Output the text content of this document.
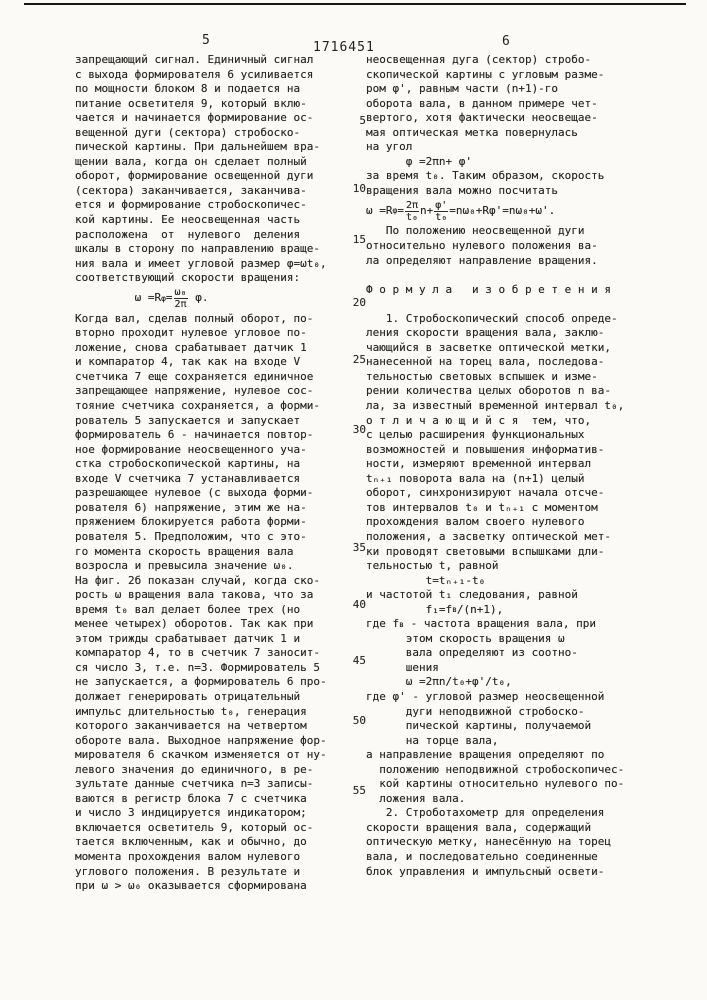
5	1716451	6
5
10
15
20
25
30
35
40
45
50
55
запрещающий сигнал. Единичный сигнал
с выхода формирователя 6 усиливается
по мощности блоком 8 и подается на
питание осветителя 9, который вклю-
чается и начинается формирование ос-
вещенной дуги (сектора) стробоско-
пической картины. При дальнейшем вра-
щении вала, когда он сделает полный
оборот, формирование освещенной дуги
(сектора) заканчивается, заканчива-
ется и формирование стробоскопичес-
кой картины. Ее неосвещенная часть
расположена  от  нулевого  деления
шкалы в сторону по направлению враще-
ния вала и имеет угловой размер φ=ωt₀,
соответствующий скорости вращения:
ω =R $\varphi = \frac{\text{ω₀}}{2\pi} \varphi$.
Когда вал, сделав полный оборот, по-
вторно проходит нулевое угловое по-
ложение, снова срабатывает датчик 1
и компаратор 4, так как на входе V
счетчика 7 еще сохраняется единичное
запрещающее напряжение, нулевое сос-
тояние счетчика сохраняется, а форми-
рователь 5 запускается и запускает
формирователь 6 - начинается повтор-
ное формирование неосвещенного уча-
стка стробоскопической картины, на
входе V счетчика 7 устанавливается
разрешающее нулевое (с выхода форми-
рователя 6) напряжение, этим же на-
пряжением блокируется работа форми-
рователя 5. Предположим, что с это-
го момента скорость вращения вала
возросла и превысила значение ω₀.
На фиг. 2б показан случай, когда ско-
рость ω вращения вала такова, что за
время t₀ вал делает более трех (но
менее четырех) оборотов. Так как при
этом трижды срабатывает датчик 1 и
компаратор 4, то в счетчик 7 заносит-
ся число 3, т.е. n=3. Формирователь 5
не запускается, а формирователь 6 про-
должает генерировать отрицательный
импульс длительностью t₀, генерация
которого заканчивается на четвертом
обороте вала. Выходное напряжение фор-
мирователя 6 скачком изменяется от ну-
левого значения до единичного, в ре-
зультате данные счетчика n=3 записы-
ваются в регистр блока 7 с счетчика
и число 3 индицируется индикатором;
включается осветитель 9, который ос-
тается включенным, как и обычно, до
момента прохождения валом нулевого
углового положения. В результате и
при ω > ω₀ оказывается сформирована
неосвещенная дуга (сектор) стробо-
скопической картины с угловым разме-
ром φ', равным части (n+1)-го
оборота вала, в данном примере чет-
вертого, хотя фактически неосвещае-
мая оптическая метка повернулась
на угол
φ =2πn+ φ'
за время t₀. Таким образом, скорость
вращения вала можно посчитать
ω =R $\varphi = \frac{2\pi}{\text{t₀}} n+ \frac{\varphi'}{\text{t₀}} =n\omega_0+R\varphi'=n\omega_0+\omega'$.
По положению неосвещенной дуги
относительно нулевого положения ва-
ла определяют направление вращения.

Ф о р м у л а   и з о б р е т е н и я

1. Стробоскопический способ опреде-
ления скорости вращения вала, заклю-
чающийся в засветке оптической метки,
нанесенной на торец вала, последова-
тельностью световых вспышек и изме-
рении количества целых оборотов n ва-
ла, за известный временной интервал t₀,
о т л и ч а ю щ и й с я  тем, что,
с целью расширения функциональных
возможностей и повышения информатив-
ности, измеряют временной интервал
tₙ₊₁ поворота вала на (n+1) целый
оборот, синхронизируют начала отсче-
тов интервалов t₀ и tₙ₊₁ с моментом
прохождения валом своего нулевого
положения, а засветку оптической мет-
ки проводят световыми вспышками дли-
тельностью t, равной
t=tₙ₊₁-t₀
и частотой t₁ следования, равной
f₁=f в /(n+1),
где f в - частота вращения вала, при
этом скорость вращения ω
вала определяют из соотно-
шения
ω =2πn/t₀+φ'/t₀,
где φ' - угловой размер неосвещенной
дуги неподвижной стробоско-
пической картины, получаемой
на торце вала,
а направление вращения определяют по
положению неподвижной стробоскопичес-
кой картины относительно нулевого по-
ложения вала.
2. Строботахометр для определения
скорости вращения вала, содержащий
оптическую метку, нанесённую на торец
вала, и последовательно соединенные
блок управления и импульсный освети-
